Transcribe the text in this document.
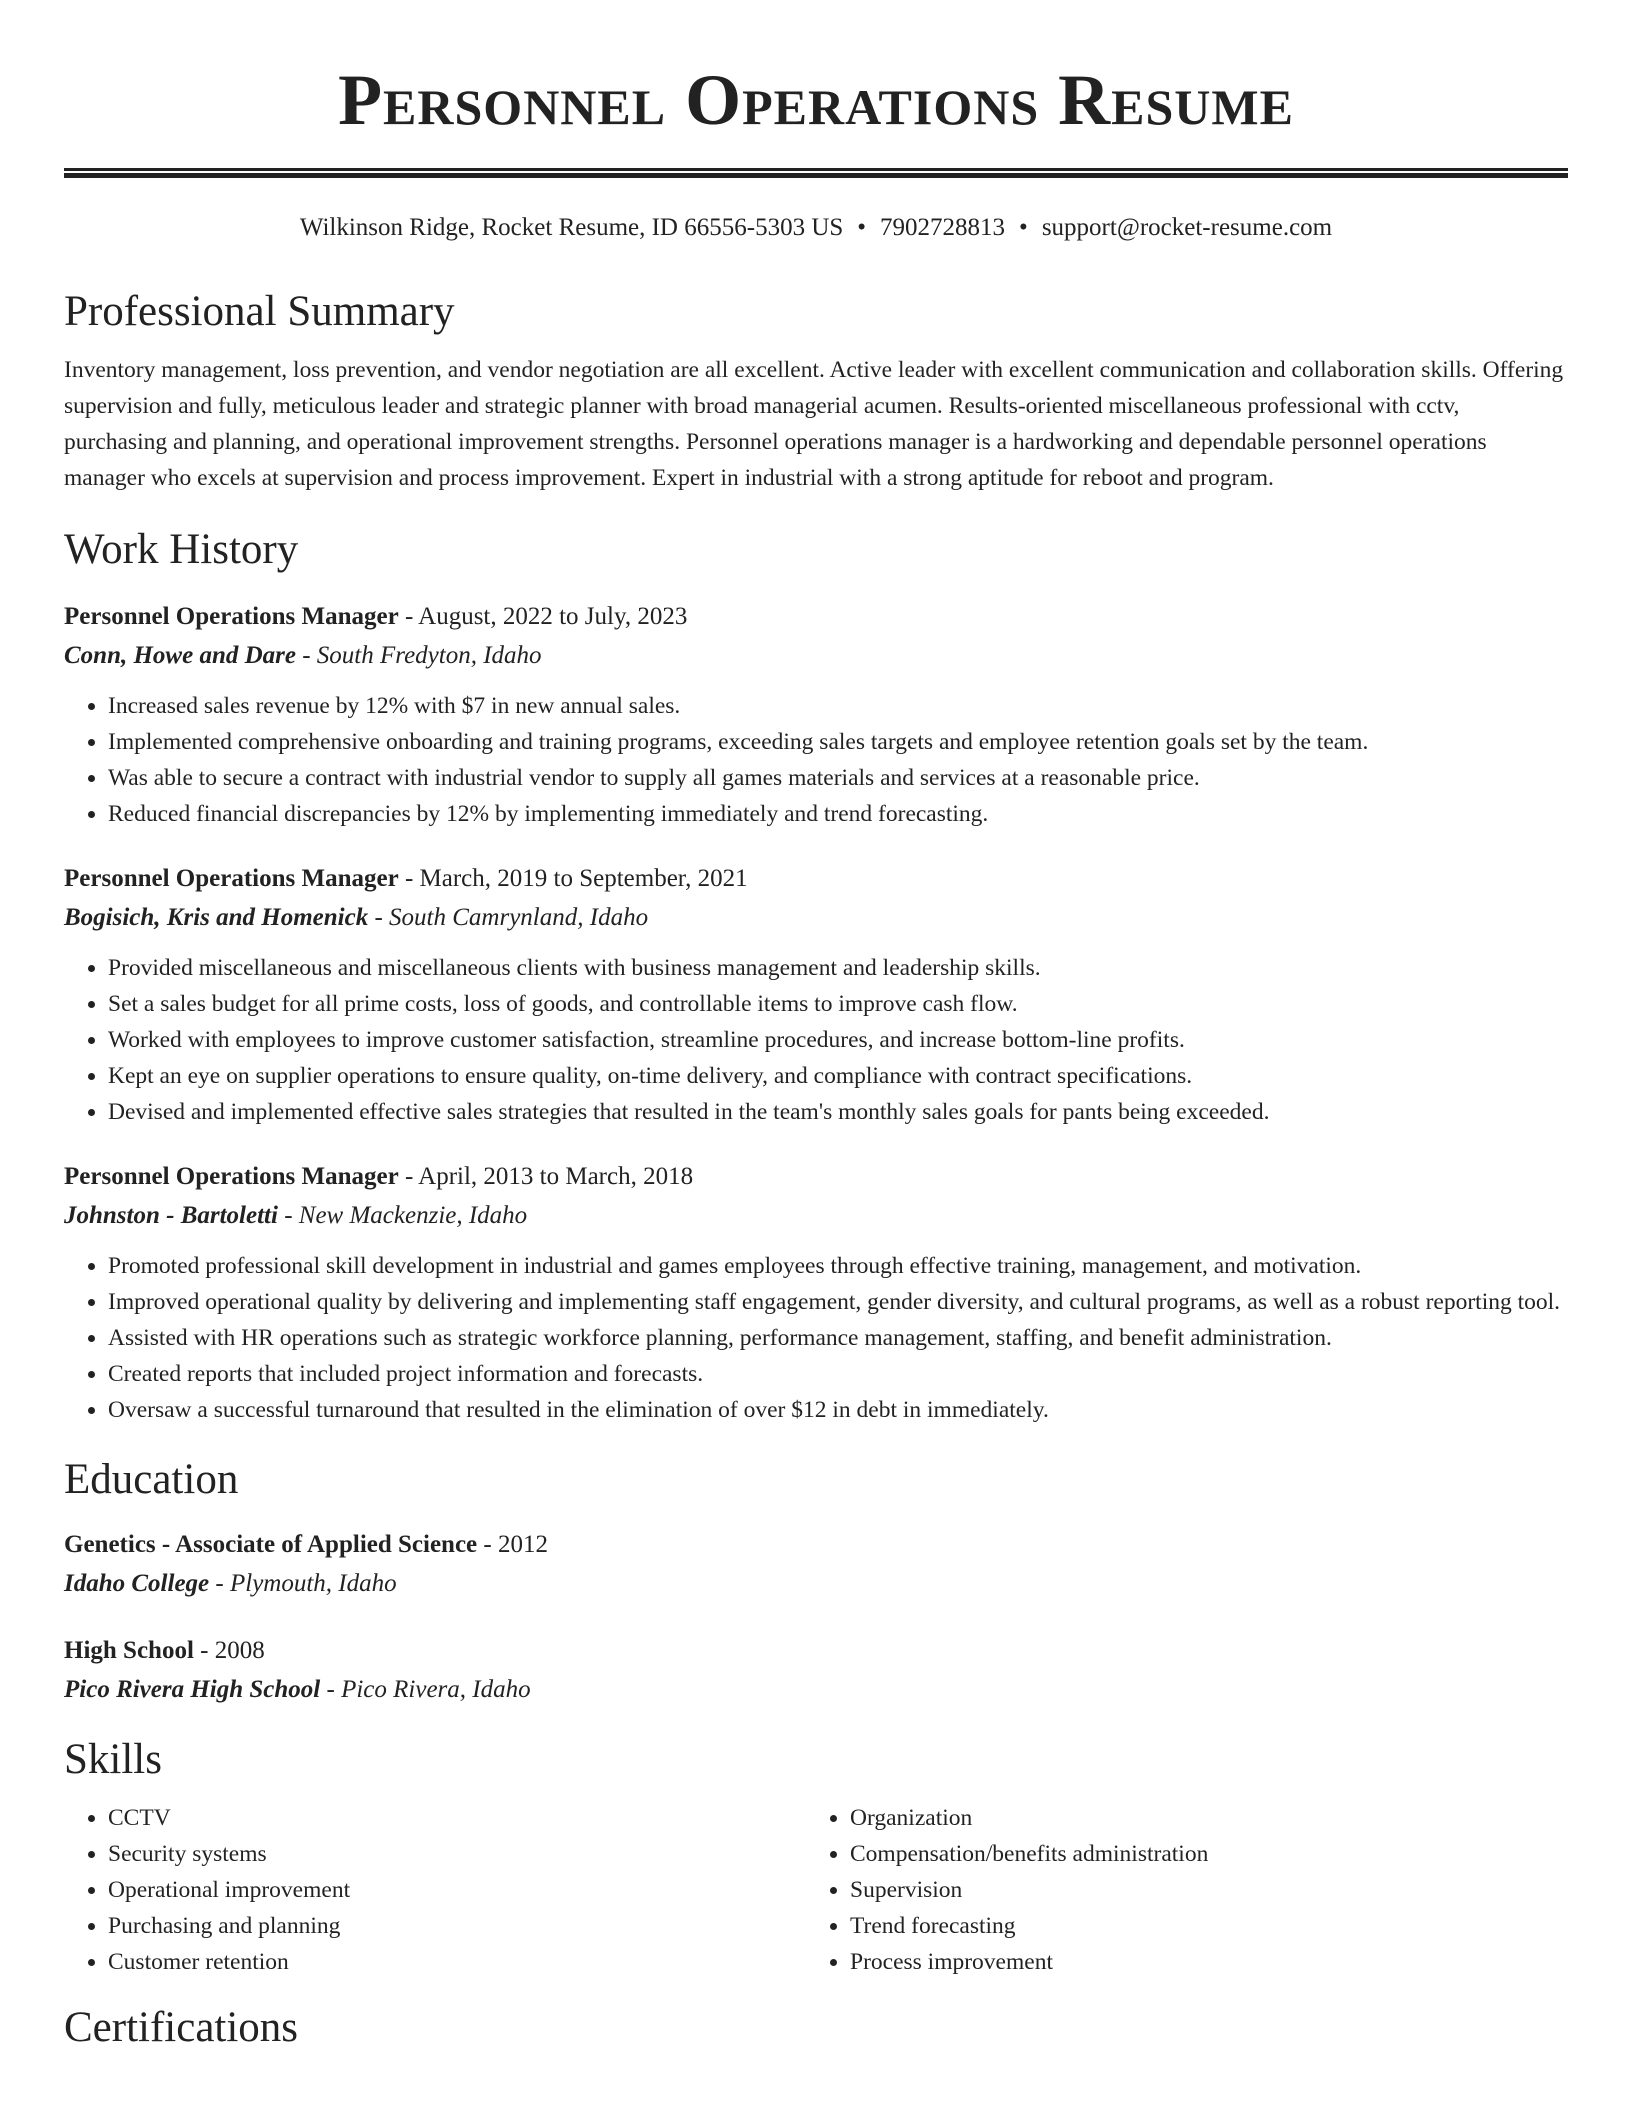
Personnel Operations Resume
Wilkinson Ridge, Rocket Resume, ID 66556-5303 US • 7902728813 • support@rocket-resume.com
Professional Summary

Inventory management, loss prevention, and vendor negotiation are all excellent. Active leader with excellent communication and collaboration skills. Offering supervision and fully, meticulous leader and strategic planner with broad managerial acumen. Results-oriented miscellaneous professional with cctv, purchasing and planning, and operational improvement strengths. Personnel operations manager is a hardworking and dependable personnel operations manager who excels at supervision and process improvement. Expert in industrial with a strong aptitude for reboot and program.

Work History
Personnel Operations Manager - August, 2022 to July, 2023
Conn, Howe and Dare - South Fredyton, Idaho
• Increased sales revenue by 12% with $7 in new annual sales.
• Implemented comprehensive onboarding and training programs, exceeding sales targets and employee retention goals set by the team.
• Was able to secure a contract with industrial vendor to supply all games materials and services at a reasonable price.
• Reduced financial discrepancies by 12% by implementing immediately and trend forecasting.
Personnel Operations Manager - March, 2019 to September, 2021
Bogisich, Kris and Homenick - South Camrynland, Idaho
• Provided miscellaneous and miscellaneous clients with business management and leadership skills.
• Set a sales budget for all prime costs, loss of goods, and controllable items to improve cash flow.
• Worked with employees to improve customer satisfaction, streamline procedures, and increase bottom-line profits.
• Kept an eye on supplier operations to ensure quality, on-time delivery, and compliance with contract specifications.
• Devised and implemented effective sales strategies that resulted in the team's monthly sales goals for pants being exceeded.
Personnel Operations Manager - April, 2013 to March, 2018
Johnston - Bartoletti - New Mackenzie, Idaho
• Promoted professional skill development in industrial and games employees through effective training, management, and motivation.
• Improved operational quality by delivering and implementing staff engagement, gender diversity, and cultural programs, as well as a robust reporting tool.
• Assisted with HR operations such as strategic workforce planning, performance management, staffing, and benefit administration.
• Created reports that included project information and forecasts.
• Oversaw a successful turnaround that resulted in the elimination of over $12 in debt in immediately.
Education
Genetics - Associate of Applied Science - 2012
Idaho College - Plymouth, Idaho
High School - 2008
Pico Rivera High School - Pico Rivera, Idaho
Skills
• CCTV
• Security systems
• Operational improvement
• Purchasing and planning
• Customer retention
• Organization
• Compensation/benefits administration
• Supervision
• Trend forecasting
• Process improvement
Certifications
